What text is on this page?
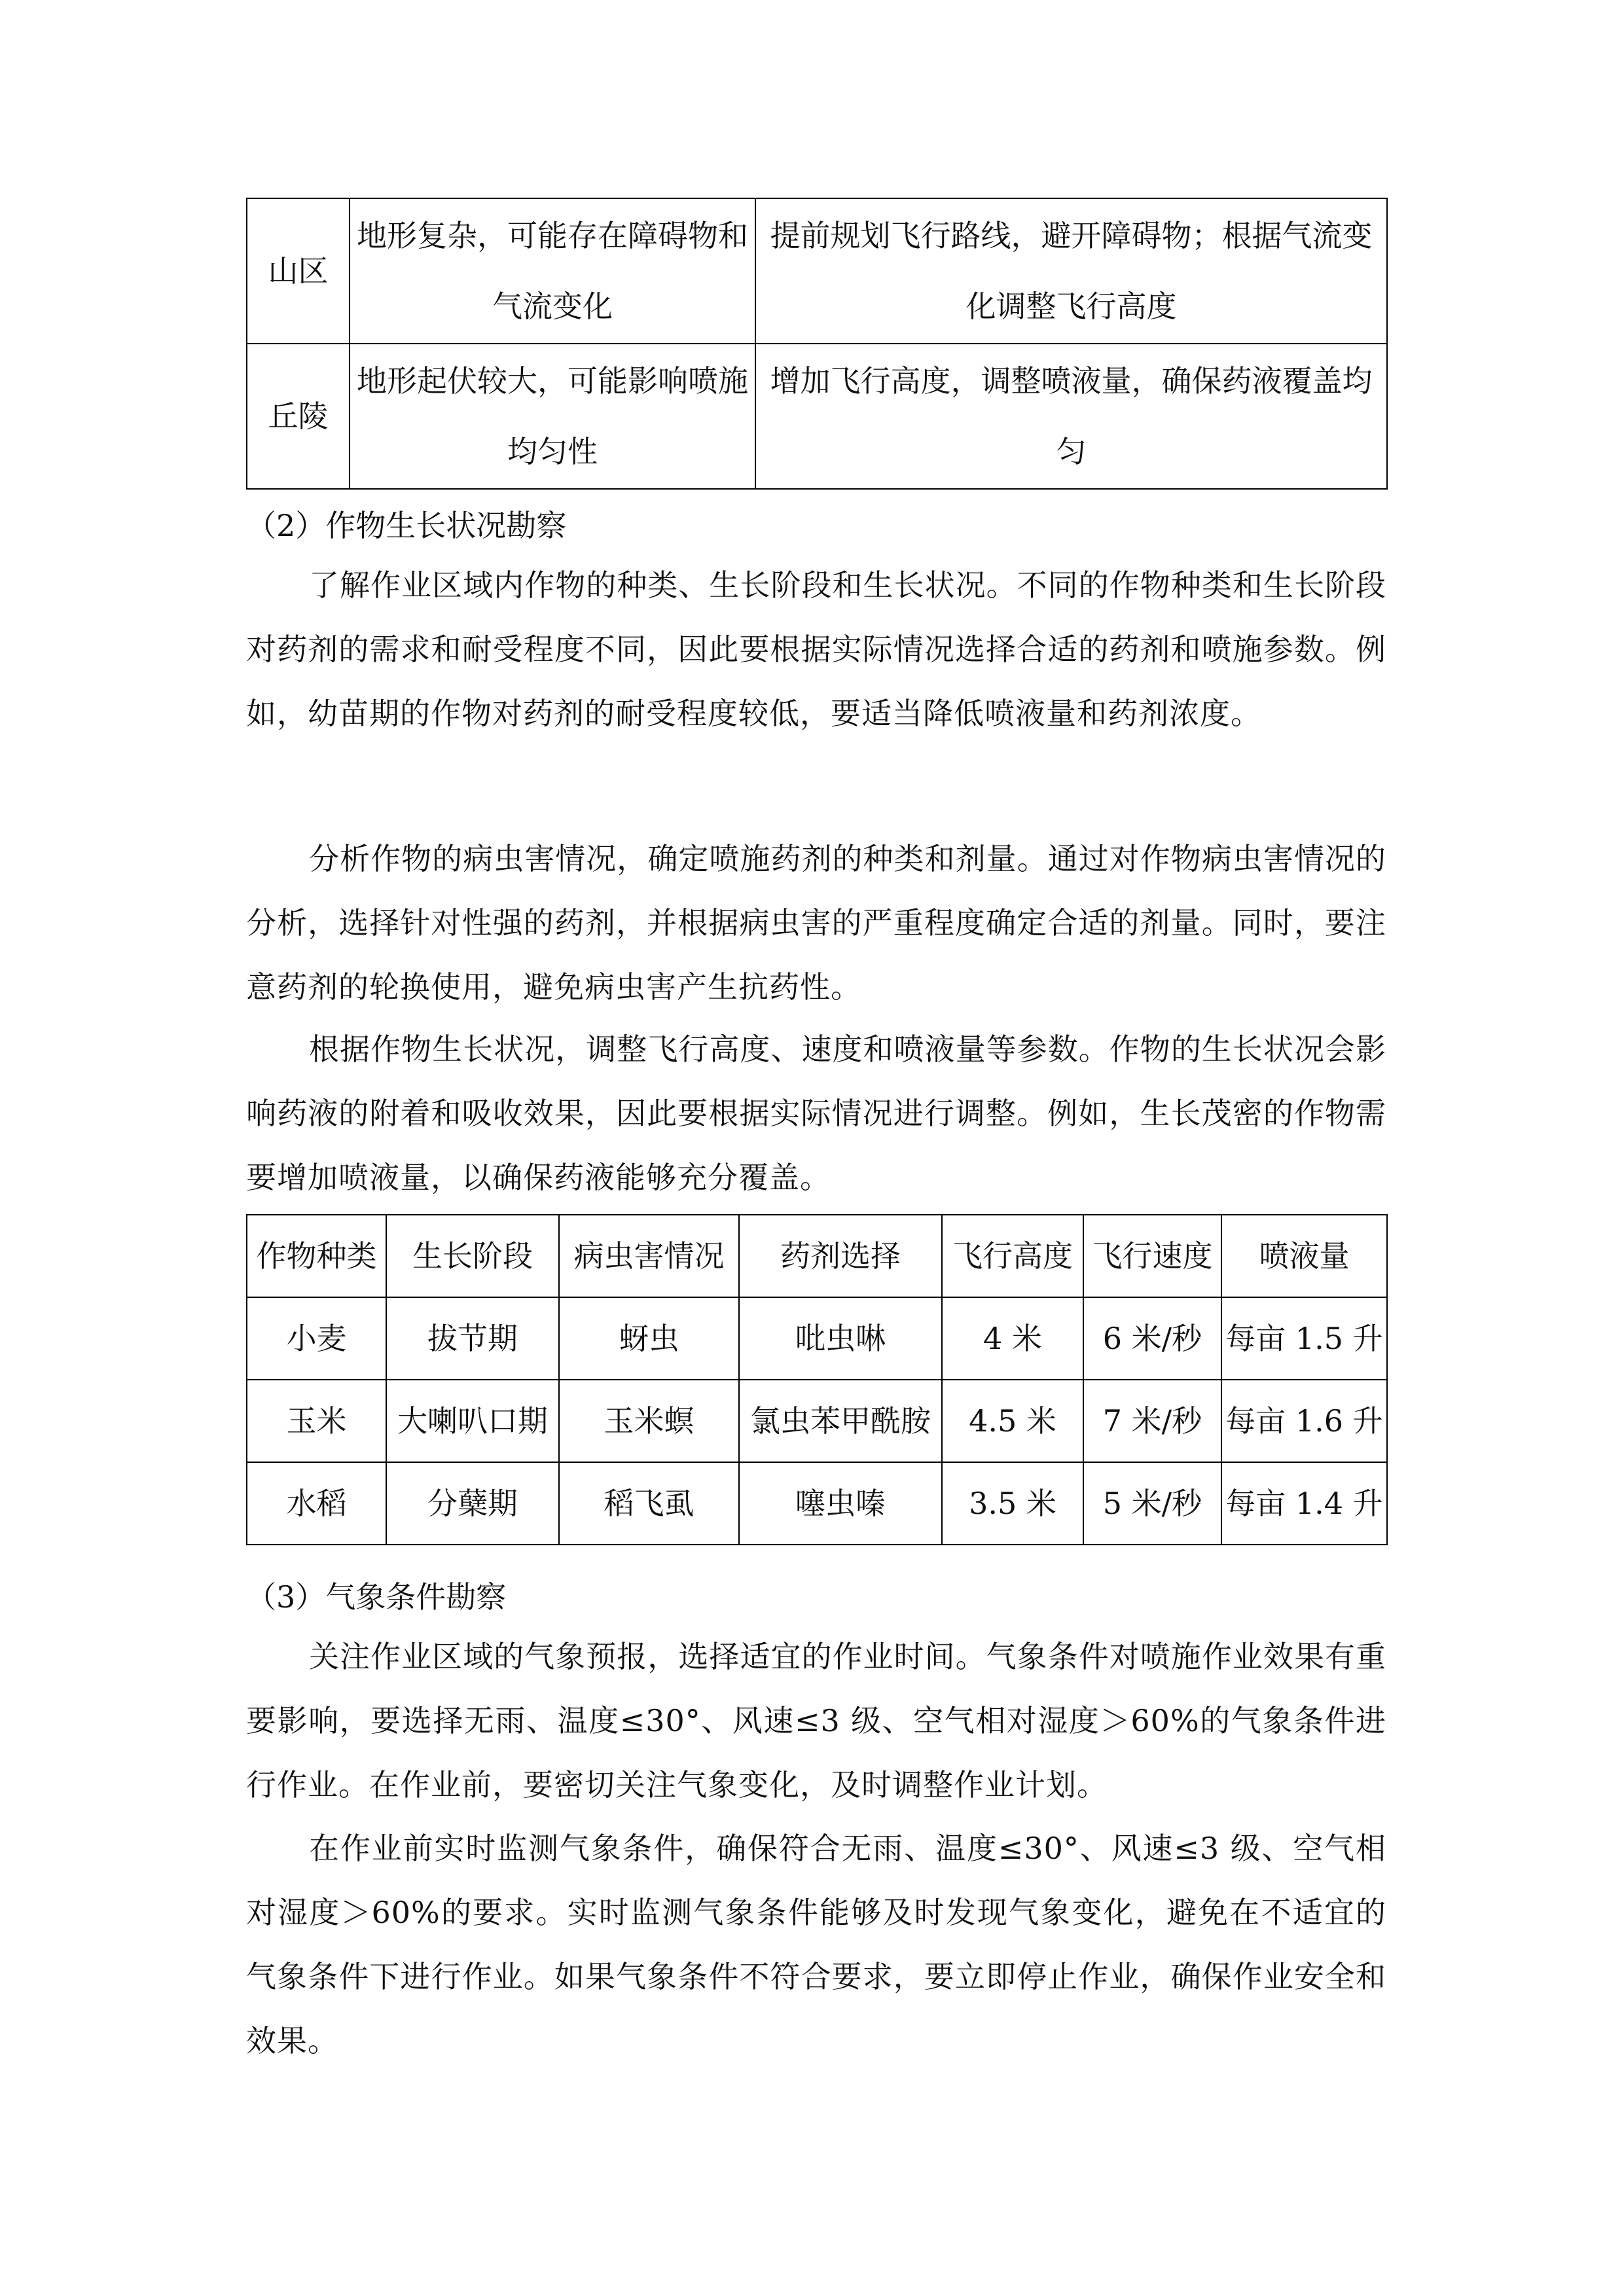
山区	地形复杂，可能存在障碍物和气流变化	提前规划飞行路线，避开障碍物；根据气流变化调整飞行高度
丘陵	地形起伏较大，可能影响喷施均匀性	增加飞行高度，调整喷液量，确保药液覆盖均匀
（2）作物生长状况勘察

了解作业区域内作物的种类、生长阶段和生长状况。不同的作物种类和生长阶段对药剂的需求和耐受程度不同，因此要根据实际情况选择合适的药剂和喷施参数。例如，幼苗期的作物对药剂的耐受程度较低，要适当降低喷液量和药剂浓度。

分析作物的病虫害情况，确定喷施药剂的种类和剂量。通过对作物病虫害情况的分析，选择针对性强的药剂，并根据病虫害的严重程度确定合适的剂量。同时，要注意药剂的轮换使用，避免病虫害产生抗药性。

根据作物生长状况，调整飞行高度、速度和喷液量等参数。作物的生长状况会影响药液的附着和吸收效果，因此要根据实际情况进行调整。例如，生长茂密的作物需要增加喷液量，以确保药液能够充分覆盖。

作物种类	生长阶段	病虫害情况	药剂选择	飞行高度	飞行速度	喷液量
小麦	拔节期	蚜虫	吡虫啉	4 米	6 米/秒	每亩 1.5 升
玉米	大喇叭口期	玉米螟	氯虫苯甲酰胺	4.5 米	7 米/秒	每亩 1.6 升
水稻	分蘖期	稻飞虱	噻虫嗪	3.5 米	5 米/秒	每亩 1.4 升
（3）气象条件勘察

关注作业区域的气象预报，选择适宜的作业时间。气象条件对喷施作业效果有重要影响，要选择无雨、温度≤30°、风速≤3 级、空气相对湿度＞60%的气象条件进行作业。在作业前，要密切关注气象变化，及时调整作业计划。

在作业前实时监测气象条件，确保符合无雨、温度≤30°、风速≤3 级、空气相对湿度＞60%的要求。实时监测气象条件能够及时发现气象变化，避免在不适宜的气象条件下进行作业。如果气象条件不符合要求，要立即停止作业，确保作业安全和效果。
